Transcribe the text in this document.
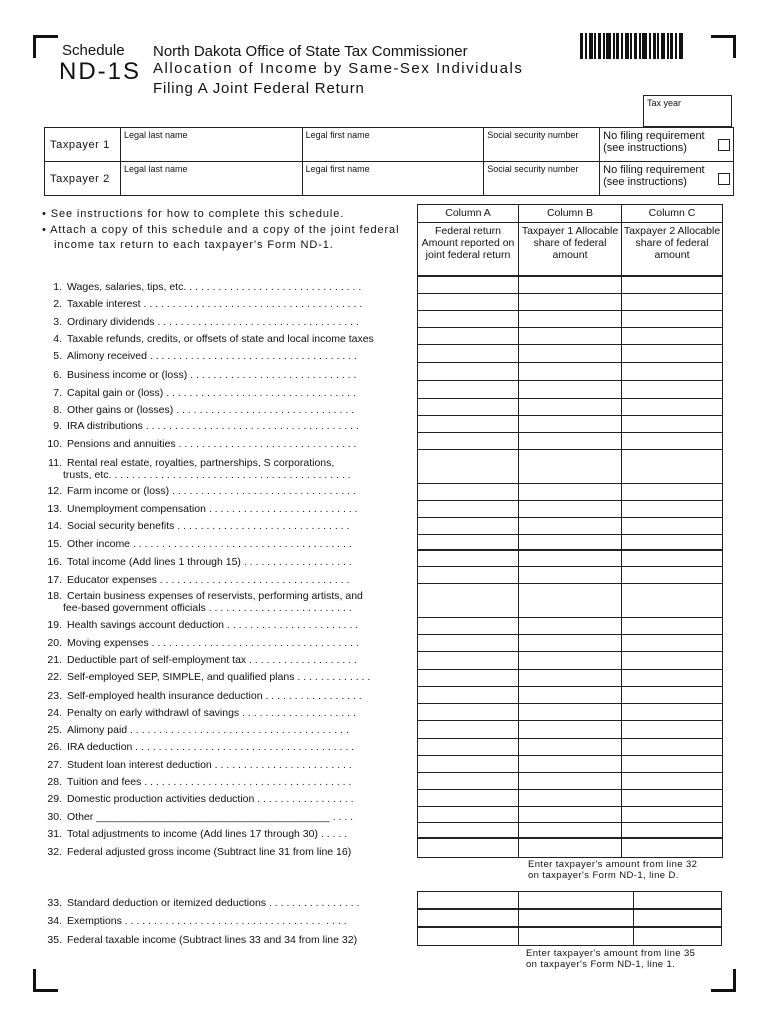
Schedule
ND-1S
North Dakota Office of State Tax Commissioner
Allocation of Income by Same-Sex Individuals
Filing A Joint Federal Return
Tax year
Taxpayer 1	Legal last name	Legal first name	Social security number	No filing requirement
(see instructions)

Taxpayer 2	Legal last name	Legal first name	Social security number	No filing requirement
(see instructions)
• See instructions for how to complete this schedule.
• Attach a copy of this schedule and a copy of the joint federal income tax return to each taxpayer's Form ND-1.
Column A
Federal return Amount reported on joint federal return
Column B
Taxpayer 1 Allocable share of federal amount
Column C
Taxpayer 2 Allocable share of federal amount
1. Wages, salaries, tips, etc. . . . . . . . . . . . . . . . . . . . . . . . . . . . . . .
2. Taxable interest . . . . . . . . . . . . . . . . . . . . . . . . . . . . . . . . . . . . . .
3. Ordinary dividends . . . . . . . . . . . . . . . . . . . . . . . . . . . . . . . . . . .
4. Taxable refunds, credits, or offsets of state and local income taxes
5. Alimony received . . . . . . . . . . . . . . . . . . . . . . . . . . . . . . . . . . . .
6. Business income or (loss) . . . . . . . . . . . . . . . . . . . . . . . . . . . . .
7. Capital gain or (loss) . . . . . . . . . . . . . . . . . . . . . . . . . . . . . . . . .
8. Other gains or (losses) . . . . . . . . . . . . . . . . . . . . . . . . . . . . . . .
9. IRA distributions . . . . . . . . . . . . . . . . . . . . . . . . . . . . . . . . . . . . .
10. Pensions and annuities . . . . . . . . . . . . . . . . . . . . . . . . . . . . . . .
11. Rental real estate, royalties, partnerships, S corporations,
trusts, etc. . . . . . . . . . . . . . . . . . . . . . . . . . . . . . . . . . . . . . . . . .
12. Farm income or (loss) . . . . . . . . . . . . . . . . . . . . . . . . . . . . . . . .
13. Unemployment compensation . . . . . . . . . . . . . . . . . . . . . . . . . .
14. Social security benefits . . . . . . . . . . . . . . . . . . . . . . . . . . . . . .
15. Other income . . . . . . . . . . . . . . . . . . . . . . . . . . . . . . . . . . . . . .
16. Total income (Add lines 1 through 15) . . . . . . . . . . . . . . . . . . .
17. Educator expenses . . . . . . . . . . . . . . . . . . . . . . . . . . . . . . . . .
18. Certain business expenses of reservists, performing artists, and
fee-based government officials . . . . . . . . . . . . . . . . . . . . . . . . .
19. Health savings account deduction . . . . . . . . . . . . . . . . . . . . . . .
20. Moving expenses . . . . . . . . . . . . . . . . . . . . . . . . . . . . . . . . . . . .
21. Deductible part of self-employment tax . . . . . . . . . . . . . . . . . . .
22. Self-employed SEP, SIMPLE, and qualified plans . . . . . . . . . . . . .
23. Self-employed health insurance deduction . . . . . . . . . . . . . . . . .
24. Penalty on early withdrawl of savings . . . . . . . . . . . . . . . . . . . .
25. Alimony paid . . . . . . . . . . . . . . . . . . . . . . . . . . . . . . . . . . . . . .
26. IRA deduction . . . . . . . . . . . . . . . . . . . . . . . . . . . . . . . . . . . . . .
27. Student loan interest deduction . . . . . . . . . . . . . . . . . . . . . . . .
28. Tuition and fees . . . . . . . . . . . . . . . . . . . . . . . . . . . . . . . . . . . .
29. Domestic production activities deduction . . . . . . . . . . . . . . . . .
30. Other ________________________________________ . . . .
31. Total adjustments to income (Add lines 17 through 30) . . . . .
32. Federal adjusted gross income (Subtract line 31 from line 16)
33. Standard deduction or itemized deductions . . . . . . . . . . . . . . . .
34. Exemptions . . . . . . . . . . . . . . . . . . . . . . . . . . . . . . . . . .  . . . .
35. Federal taxable income (Subtract lines 33 and 34 from line 32)
Enter taxpayer's amount from line 32
on taxpayer's Form ND-1, line D.
Enter taxpayer's amount from line 35
on taxpayer's Form ND-1, line 1.
